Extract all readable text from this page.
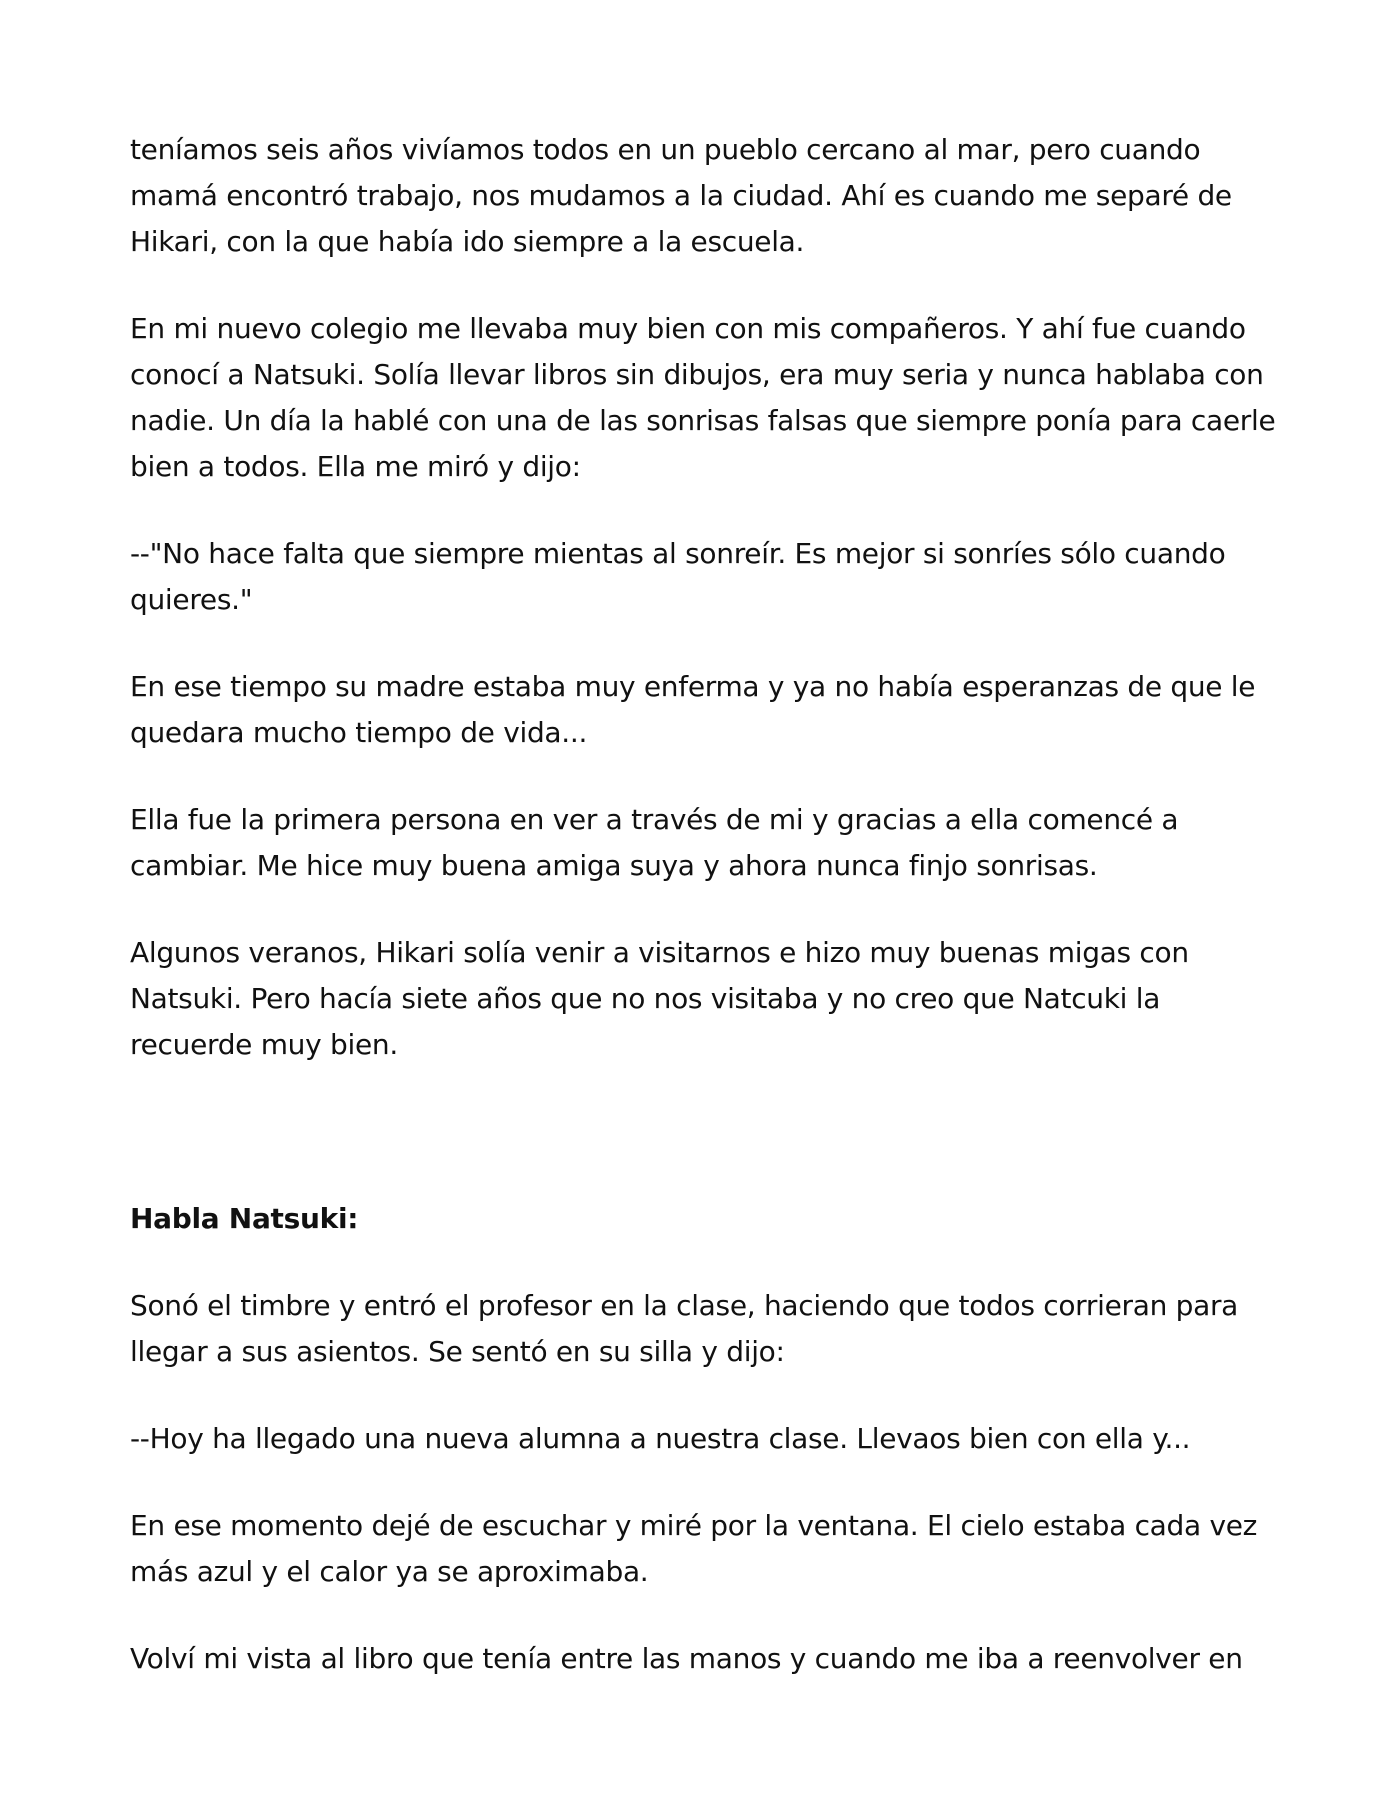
teníamos seis años vivíamos todos en un pueblo cercano al mar, pero cuando mamá encontró trabajo, nos mudamos a la ciudad. Ahí es cuando me separé de Hikari, con la que había ido siempre a la escuela.

En mi nuevo colegio me llevaba muy bien con mis compañeros. Y ahí fue cuando conocí a Natsuki. Solía llevar libros sin dibujos, era muy seria y nunca hablaba con nadie. Un día la hablé con una de las sonrisas falsas que siempre ponía para caerle bien a todos. Ella me miró y dijo:

--"No hace falta que siempre mientas al sonreír. Es mejor si sonríes sólo cuando quieres."

En ese tiempo su madre estaba muy enferma y ya no había esperanzas de que le quedara mucho tiempo de vida...

Ella fue la primera persona en ver a través de mi y gracias a ella comencé a cambiar. Me hice muy buena amiga suya y ahora nunca finjo sonrisas.

Algunos veranos, Hikari solía venir a visitarnos e hizo muy buenas migas con Natsuki. Pero hacía siete años que no nos visitaba y no creo que Natcuki la recuerde muy bien.

Habla Natsuki:

Sonó el timbre y entró el profesor en la clase, haciendo que todos corrieran para llegar a sus asientos. Se sentó en su silla y dijo:

--Hoy ha llegado una nueva alumna a nuestra clase. Llevaos bien con ella y...

En ese momento dejé de escuchar y miré por la ventana. El cielo estaba cada vez más azul y el calor ya se aproximaba.

Volví mi vista al libro que tenía entre las manos y cuando me iba a reenvolver en
